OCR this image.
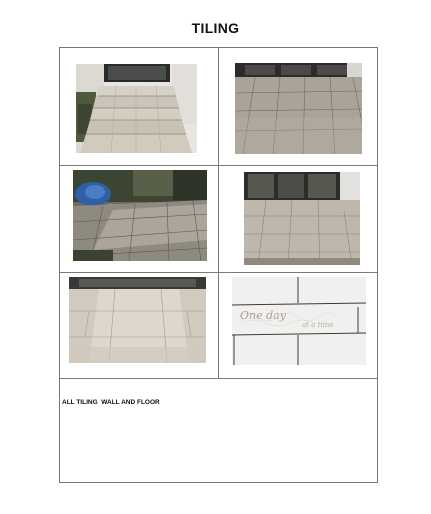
TILING
One day
at a time
ALL TILING  WALL AND FLOOR
